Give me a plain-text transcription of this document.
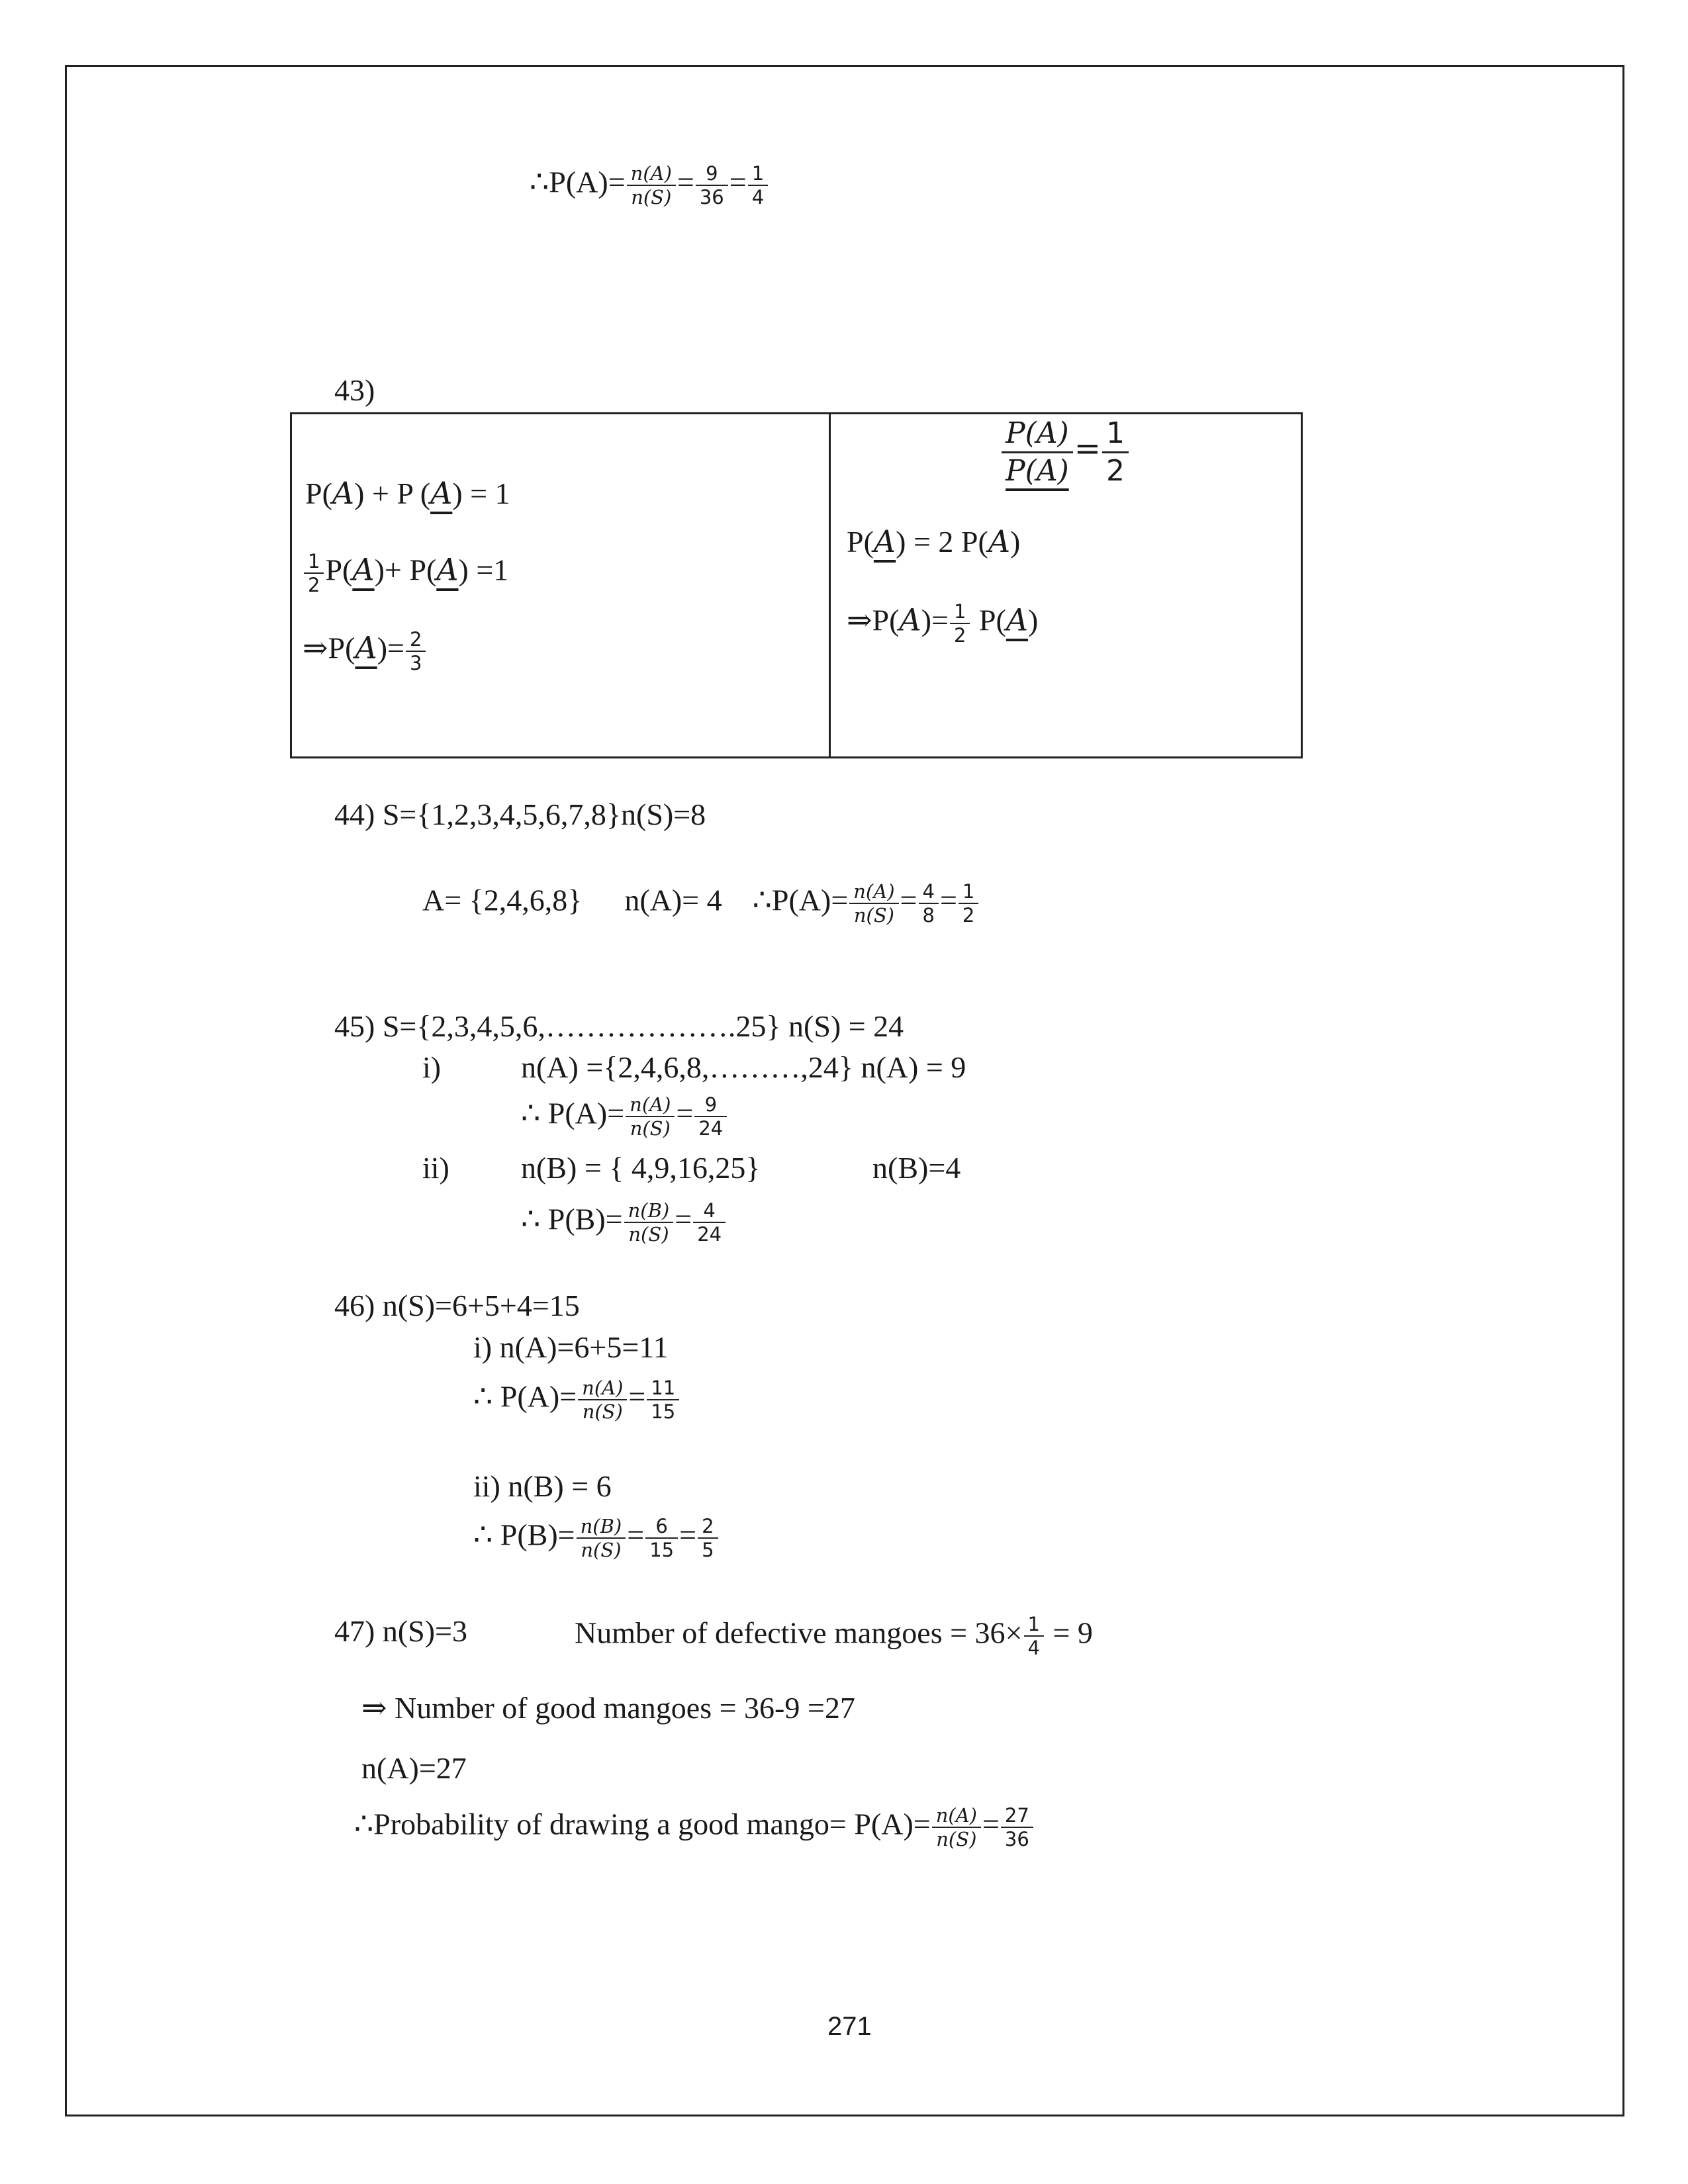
∴P(A)= $\frac{n(A)}{n(S)} = \frac{9}{36} = \frac{1}{4}$
43)
P(A) + P (A) = 1
$\frac{1}{2} P(A)+ P(A) =1$
⇒P(A)= $\frac{2}{3}$
$\frac{P(A)}{P(A)} = \frac{1}{2}$
P(A) = 2 P(A)
⇒P(A)= $\frac{1}{2} P(A)$
44) S={1,2,3,4,5,6,7,8}n(S)=8
A= {2,4,6,8} n(A)= 4 ∴P(A)= $\frac{n(A)}{n(S)} = \frac{4}{8} = \frac{1}{2}$
45) S={2,3,4,5,6,……………….25} n(S) = 24
i)	n(A) ={2,4,6,8,………,24} n(A) = 9
∴ $P(A)= \frac{n(A)}{n(S)} = \frac{9}{24}$
ii) n(B) = { 4,9,16,25}	n(B)=4
∴ $P(B)= \frac{n(B)}{n(S)} = \frac{4}{24}$
46) n(S)=6+5+4=15
i) n(A)=6+5=11
∴ $P(A)= \frac{n(A)}{n(S)} = \frac{11}{15}$
ii) n(B) = 6
∴ $P(B)= \frac{n(B)}{n(S)} = \frac{6}{15} = \frac{2}{5}$
47) n(S)=3	Number of defective mangoes = $36\times \frac{1}{4} = 9$
⇒ Number of good mangoes = 36-9 =27
n(A)=27
∴Probability of drawing a good mango= $P(A)= \frac{n(A)}{n(S)} = \frac{27}{36}$
271
